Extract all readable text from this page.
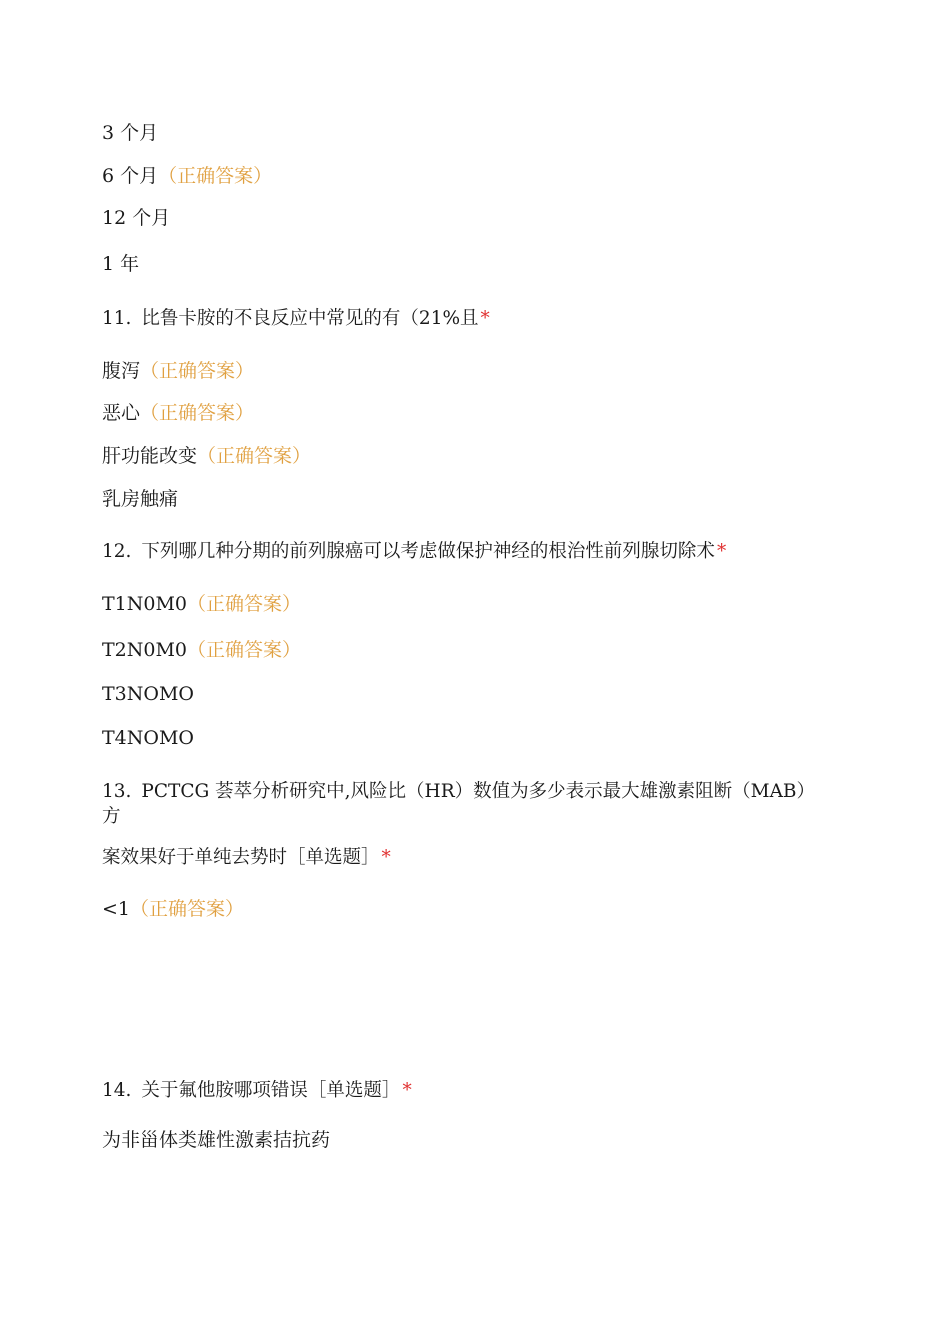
3 个月
6 个月（正确答案）
12 个月
1 年
11. 比鲁卡胺的不良反应中常见的有（21%且 *
腹泻（正确答案）
恶心（正确答案）
肝功能改变（正确答案）
乳房触痛
12. 下列哪几种分期的前列腺癌可以考虑做保护神经的根治性前列腺切除术 *
T1N0M0（正确答案）
T2N0M0（正确答案）
T3NOMO
T4NOMO
13. PCTCG 荟萃分析研究中,风险比（HR）数值为多少表示最大雄激素阻断（MAB）
方
案效果好于单纯去势时［单选题］ *
<1（正确答案）
14. 关于氟他胺哪项错误［单选题］ *
为非甾体类雄性激素拮抗药
